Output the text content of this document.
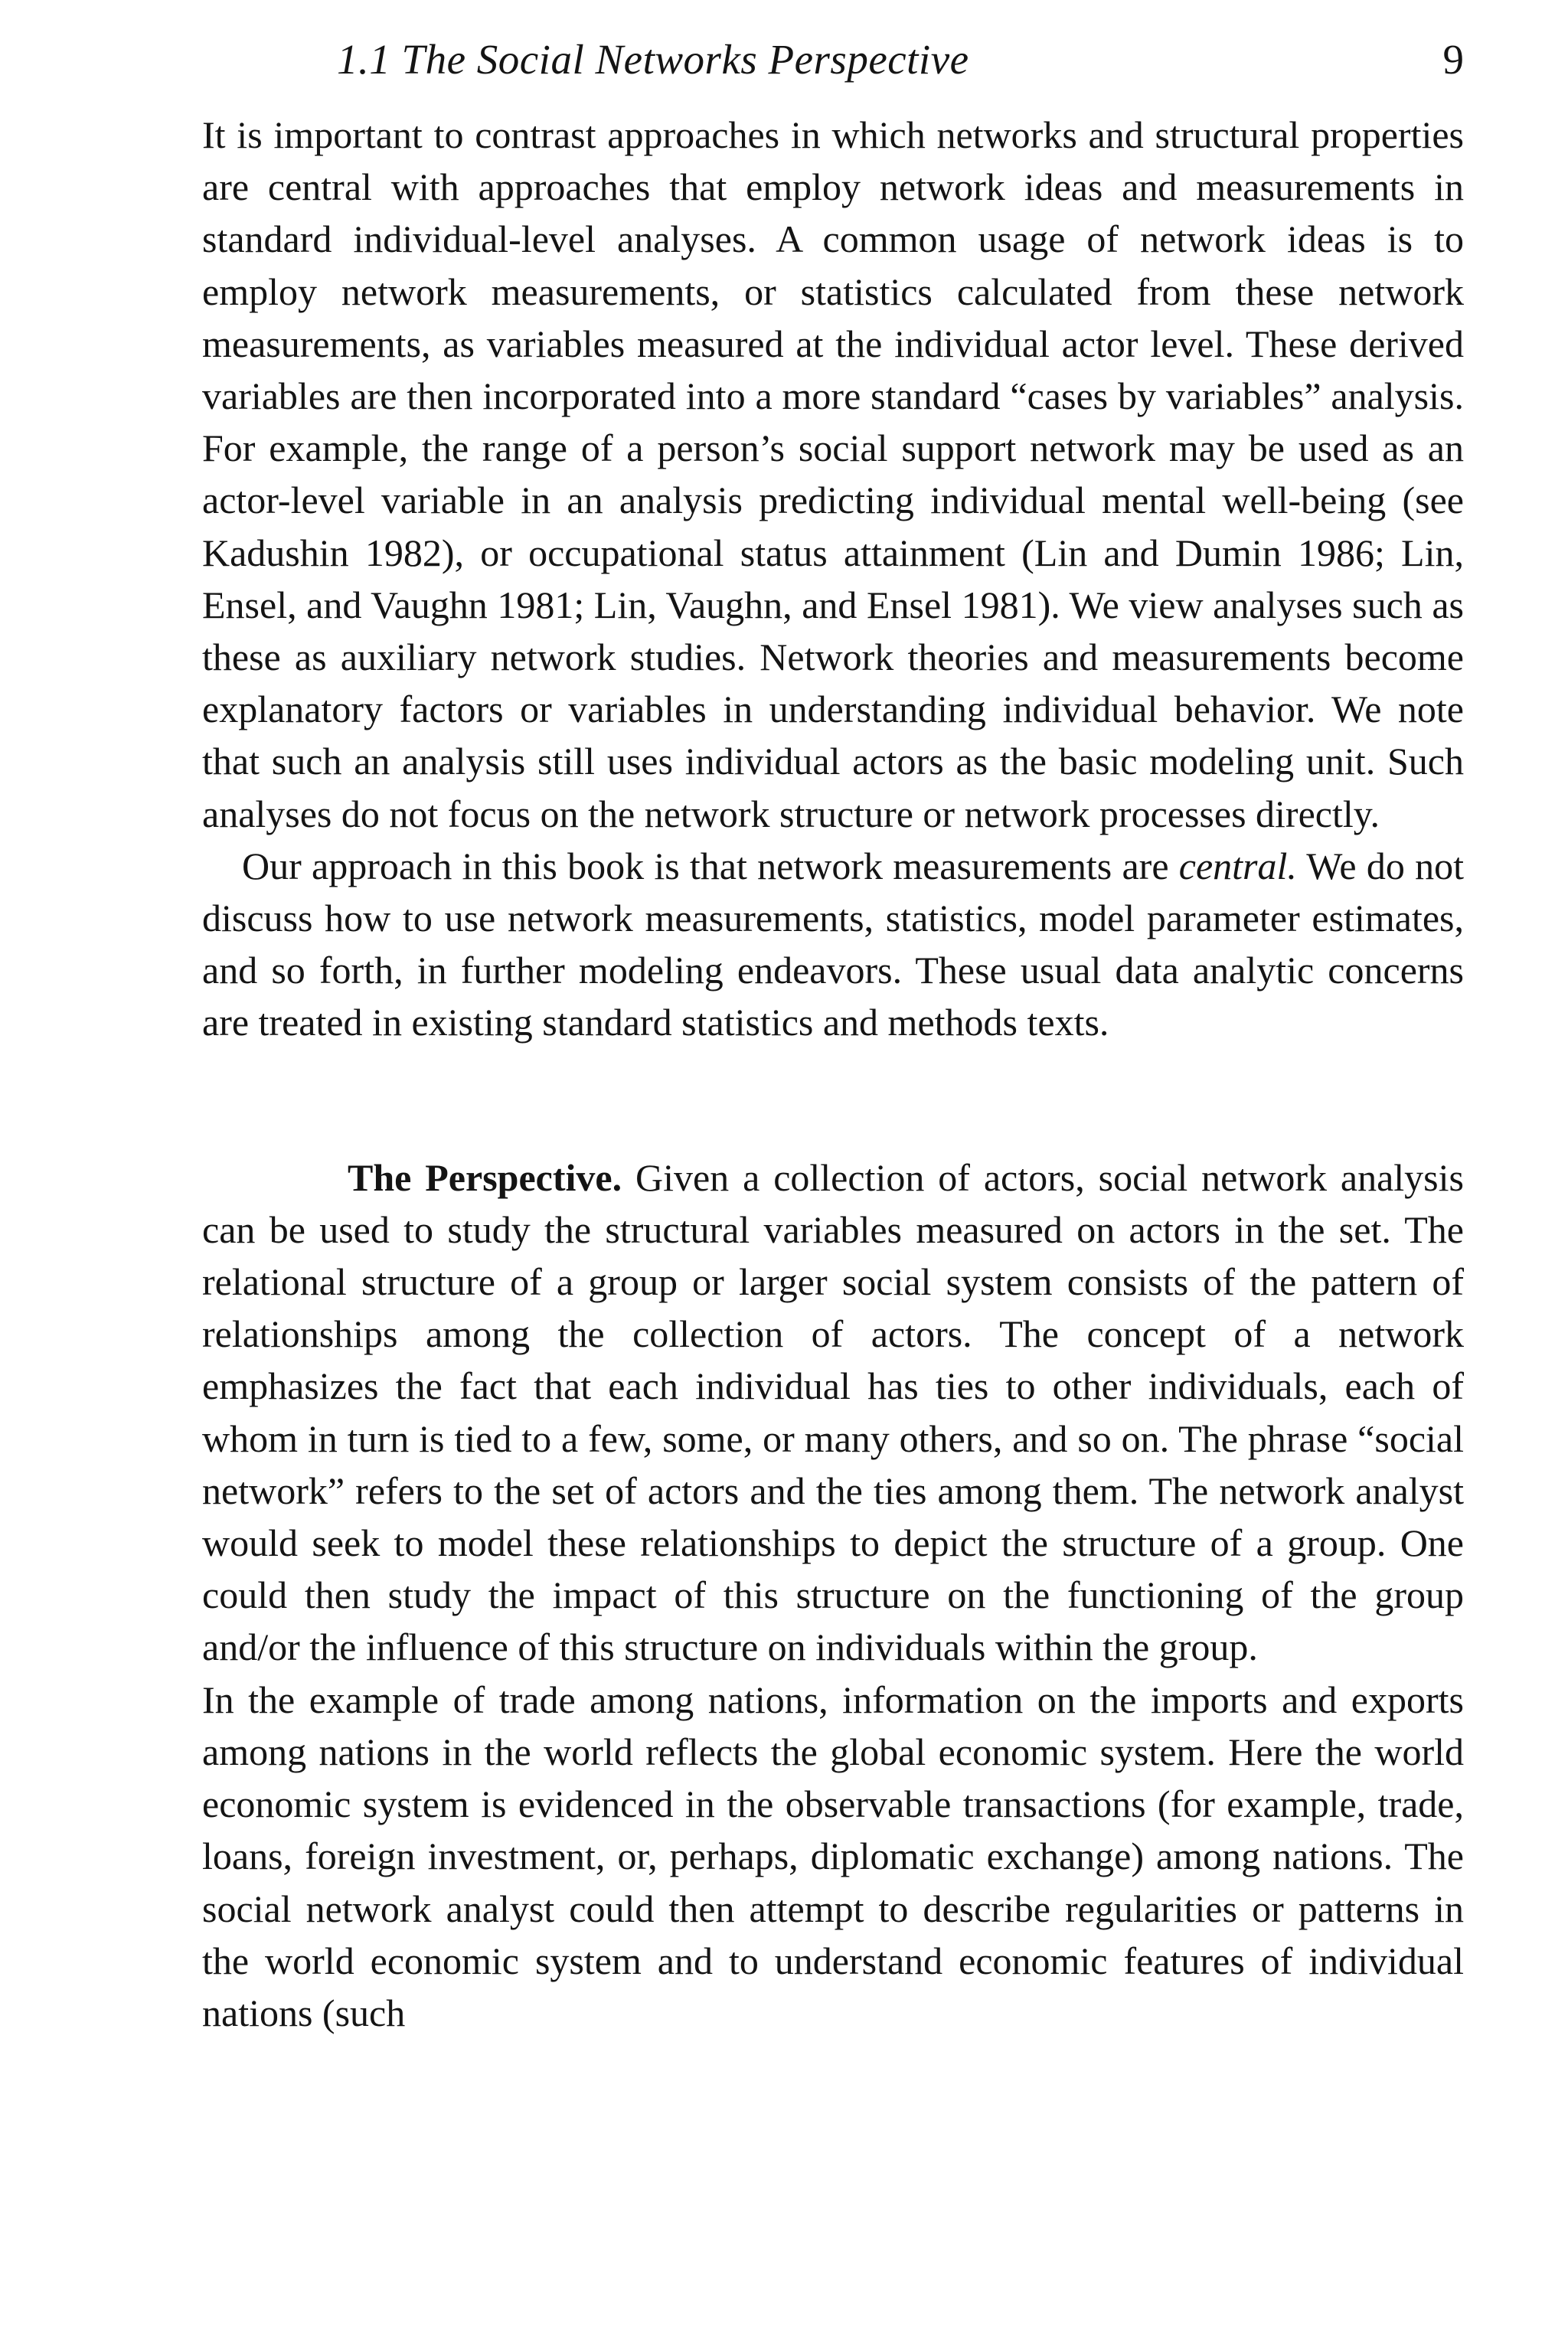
1.1 The Social Networks Perspective	9

It is important to contrast approaches in which networks and structural properties are central with approaches that employ network ideas and measurements in standard individual-level analyses. A common usage of network ideas is to employ network measurements, or statistics calculated from these network measurements, as variables measured at the individual actor level. These derived variables are then incorporated into a more standard “cases by variables” analysis. For example, the range of a person’s social support network may be used as an actor-level variable in an analysis predicting individual mental well-being (see Kadushin 1982), or occupational status attainment (Lin and Dumin 1986; Lin, Ensel, and Vaughn 1981; Lin, Vaughn, and Ensel 1981). We view analyses such as these as auxiliary network studies. Network theories and measurements become explanatory factors or variables in understanding individual behavior. We note that such an analysis still uses individual actors as the basic modeling unit. Such analyses do not focus on the network structure or network processes directly.

Our approach in this book is that network measurements are central. We do not discuss how to use network measurements, statistics, model parameter estimates, and so forth, in further modeling endeavors. These usual data analytic concerns are treated in existing standard statistics and methods texts.

The Perspective. Given a collection of actors, social network analysis can be used to study the structural variables measured on actors in the set. The relational structure of a group or larger social system consists of the pattern of relationships among the collection of actors. The concept of a network emphasizes the fact that each individual has ties to other individuals, each of whom in turn is tied to a few, some, or many others, and so on. The phrase “social network” refers to the set of actors and the ties among them. The network analyst would seek to model these relationships to depict the structure of a group. One could then study the impact of this structure on the functioning of the group and/or the influence of this structure on individuals within the group.

In the example of trade among nations, information on the imports and exports among nations in the world reflects the global economic system. Here the world economic system is evidenced in the observable transactions (for example, trade, loans, foreign investment, or, perhaps, diplomatic exchange) among nations. The social network analyst could then attempt to describe regularities or patterns in the world economic system and to understand economic features of individual nations (such
